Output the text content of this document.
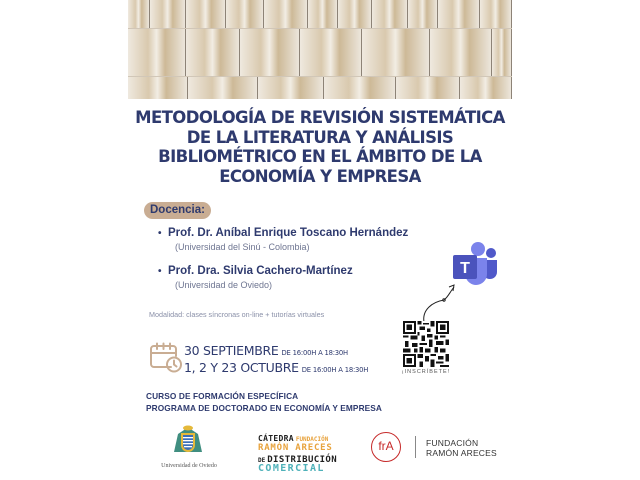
METODOLOGÍA DE REVISIÓN SISTEMÁTICA
DE LA LITERATURA Y ANÁLISIS
BIBLIOMÉTRICO EN EL ÁMBITO DE LA
ECONOMÍA Y EMPRESA
Docencia:
• Prof. Dr. Aníbal Enrique Toscano Hernández
(Universidad del Sinú - Colombia)
• Prof. Dra. Silvia Cachero-Martínez
(Universidad de Oviedo)
Modalidad: clases síncronas on-line + tutorías virtuales
30 SEPTIEMBRE DE 16:00H A 18:30H
1, 2 Y 23 OCTUBRE DE 16:00H A 18:30H
T
¡INSCRÍBETE!
CURSO DE FORMACIÓN ESPECÍFICA
PROGRAMA DE DOCTORADO EN ECONOMÍA Y EMPRESA
Universidad de Oviedo
CÁTEDRA FUNDACIÓN
RAMÓN ARECES
DE DISTRIBUCIÓN
COMERCIAL
frA	FUNDACIÓN
RAMÓN ARECES
